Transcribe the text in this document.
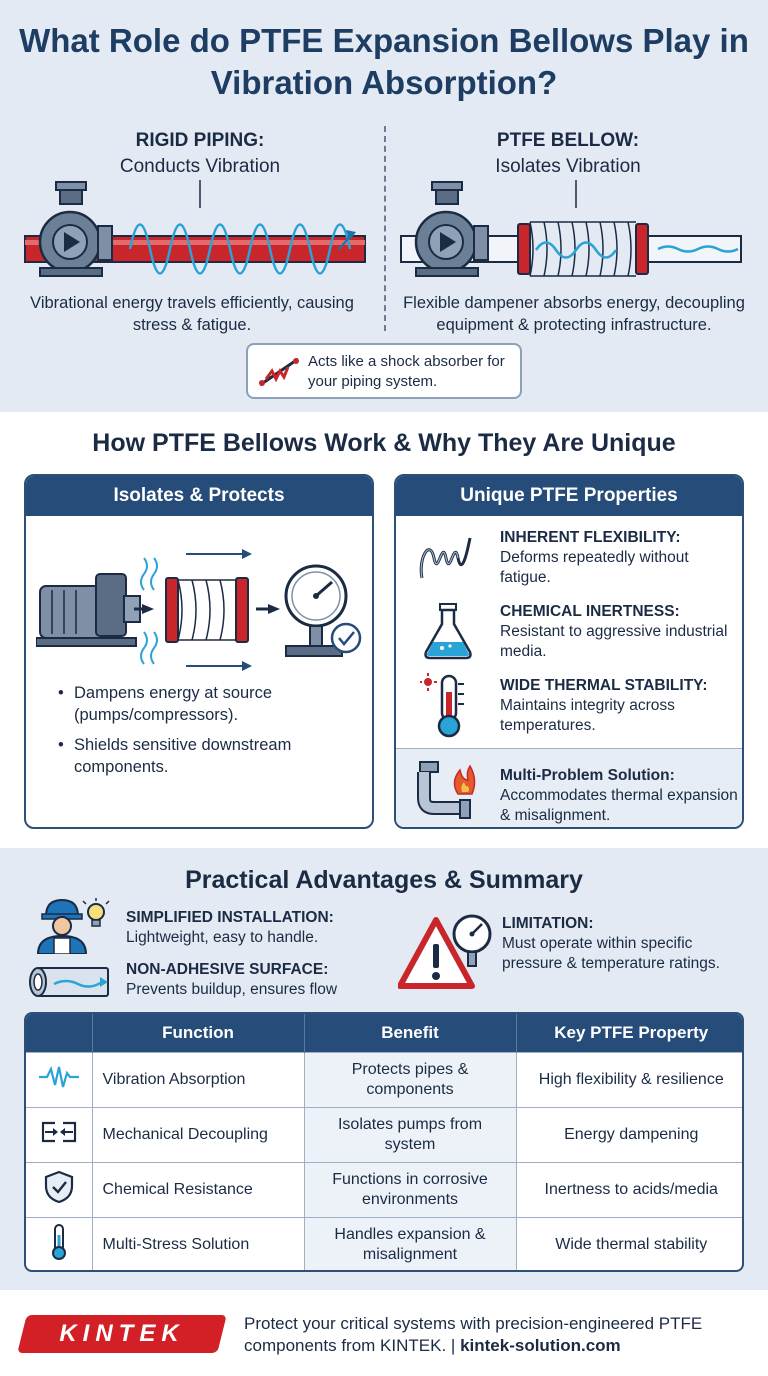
What Role do PTFE Expansion Bellows Play in Vibration Absorption?
RIGID PIPING:
Conducts Vibration
PTFE BELLOW:
Isolates Vibration
Vibrational energy travels efficiently, causing stress & fatigue.
Flexible dampener absorbs energy, decoupling equipment & protecting infrastructure.
Acts like a shock absorber for your piping system.
How PTFE Bellows Work & Why They Are Unique
Isolates & Protects
• Dampens energy at source (pumps/compressors).
• Shields sensitive downstream components.
Unique PTFE Properties
INHERENT FLEXIBILITY:
Deforms repeatedly without fatigue.
CHEMICAL INERTNESS:
Resistant to aggressive industrial media.
WIDE THERMAL STABILITY:
Maintains integrity across temperatures.
Multi-Problem Solution:
Accommodates thermal expansion & misalignment.
Practical Advantages & Summary
SIMPLIFIED INSTALLATION:
Lightweight, easy to handle.
NON-ADHESIVE SURFACE:
Prevents buildup, ensures flow
LIMITATION:
Must operate within specific pressure & temperature ratings.
	Function	Benefit	Key PTFE Property
	Vibration Absorption	Protects pipes & components	High flexibility & resilience
	Mechanical Decoupling	Isolates pumps from system	Energy dampening
	Chemical Resistance	Functions in corrosive environments	Inertness to acids/media
	Multi-Stress Solution	Handles expansion & misalignment	Wide thermal stability
KINTEK	Protect your critical systems with precision-engineered PTFE components from KINTEK. | kintek-solution.com
